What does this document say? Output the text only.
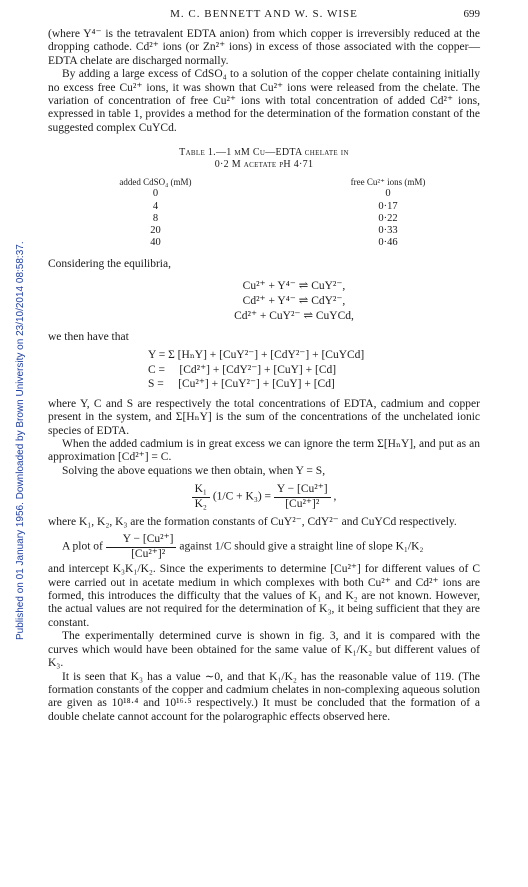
Published on 01 January 1956. Downloaded by Brown University on 23/10/2014 08:58:37.
M. C. BENNETT AND W. S. WISE	699

(where Y⁴⁻ is the tetravalent EDTA anion) from which copper is irreversibly reduced at the dropping cathode. Cd²⁺ ions (or Zn²⁺ ions) in excess of those associated with the copper—EDTA chelate are discharged normally.

By adding a large excess of CdSO₄ to a solution of the copper chelate containing initially no excess free Cu²⁺ ions, it was shown that Cu²⁺ ions were released from the chelate. The variation of concentration of free Cu²⁺ ions with total concentration of added Cd²⁺ ions, expressed in table 1, provides a method for the determination of the formation constant of the suggested complex CuYCd.

Table 1.—1 mM Cu—EDTA chelate in
0·2 M acetate pH 4·71
added CdSO₄ (mM)	free Cu²⁺ ions (mM)
0	0
4	0·17
8	0·22
20	0·33
40	0·46

Considering the equilibria,

Cu²⁺ + Y⁴⁻ ⇌ CuY²⁻,
Cd²⁺ + Y⁴⁻ ⇌ CdY²⁻,
Cd²⁺ + CuY²⁻ ⇌ CuYCd,

we then have that

Y = Σ [HₙY] + [CuY²⁻] + [CdY²⁻] + [CuYCd]
C =     [Cd²⁺] + [CdY²⁻] + [CuY] + [Cd]
S =     [Cu²⁺] + [CuY²⁻] + [CuY] + [Cd]

where Y, C and S are respectively the total concentrations of EDTA, cadmium and copper present in the system, and Σ[HₙY] is the sum of the concentrations of the unchelated ionic species of EDTA.

When the added cadmium is in great excess we can ignore the term Σ[HₙY], and put as an approximation [Cd²⁺] = C.

Solving the above equations we then obtain, when Y = S,

$\frac{\text{K₁}}{\text{K₂}} (1/C + K_3) = \frac{\text{Y − [Cu²⁺]}}{\text{[Cu²⁺]²}}$ ,

where K₁, K₂, K₃ are the formation constants of CuY²⁻, CdY²⁻ and CuYCd respectively.

A plot of $\frac{\text{Y − [Cu²⁺]}}{\text{[Cu²⁺]²}}$ against 1/C should give a straight line of slope K₁/K₂

and intercept K₃K₁/K₂. Since the experiments to determine [Cu²⁺] for different values of C were carried out in acetate medium in which complexes with both Cu²⁺ and Cd²⁺ ions are formed, this introduces the difficulty that the values of K₁ and K₂ are not known. However, the actual values are not required for the determination of K₃, it being sufficient that they are constant.

The experimentally determined curve is shown in fig. 3, and it is compared with the curves which would have been obtained for the same value of K₁/K₂ but different values of K₃.

It is seen that K₃ has a value ∼0, and that K₁/K₂ has the reasonable value of 119. (The formation constants of the copper and cadmium chelates in non-complexing aqueous solution are given as 10¹⁸·⁴ and 10¹⁶·⁵ respectively.) It must be concluded that the formation of a double chelate cannot account for the polarographic effects observed here.
